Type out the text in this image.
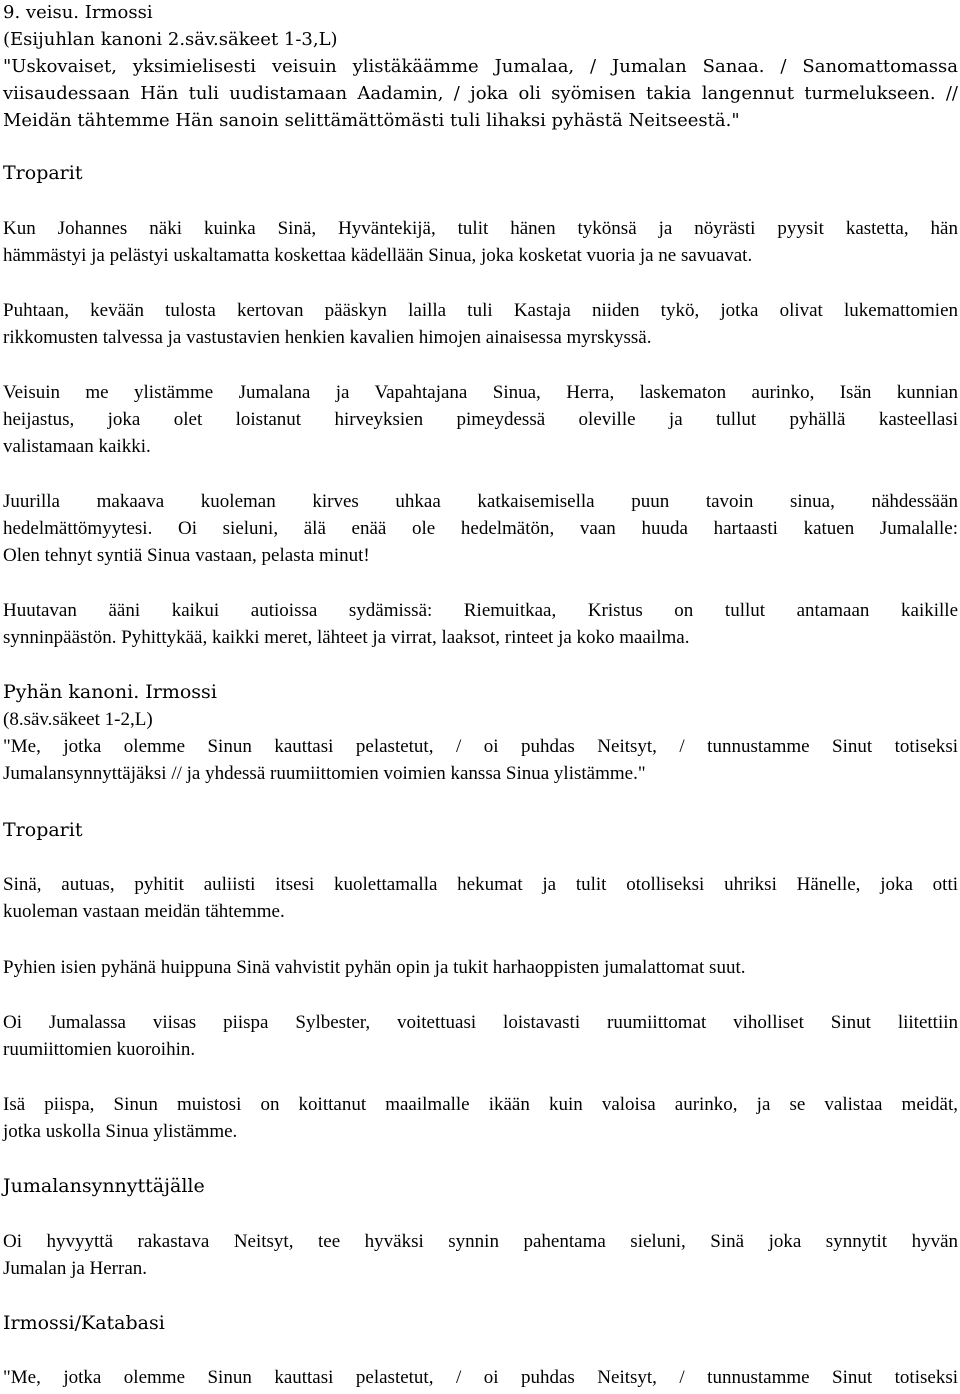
9. veisu. Irmossi
(Esijuhlan kanoni 2.säv.säkeet 1-3,L)
"Uskovaiset, yksimielisesti veisuin ylistäkäämme Jumalaa, / Jumalan Sanaa. / Sanomattomassa
viisaudessaan Hän tuli uudistamaan Aadamin, / joka oli syömisen takia langennut turmelukseen. //
Meidän tähtemme Hän sanoin selittämättömästi tuli lihaksi pyhästä Neitseestä."
Troparit
Kun Johannes näki kuinka Sinä, Hyväntekijä, tulit hänen tykönsä ja nöyrästi pyysit kastetta, hän
hämmästyi ja pelästyi uskaltamatta koskettaa kädellään Sinua, joka kosketat vuoria ja ne savuavat.
Puhtaan, kevään tulosta kertovan pääskyn lailla tuli Kastaja niiden tykö, jotka olivat lukemattomien
rikkomusten talvessa ja vastustavien henkien kavalien himojen ainaisessa myrskyssä.
Veisuin me ylistämme Jumalana ja Vapahtajana Sinua, Herra, laskematon aurinko, Isän kunnian
heijastus, joka olet loistanut hirveyksien pimeydessä oleville ja tullut pyhällä kasteellasi
valistamaan kaikki.
Juurilla makaava kuoleman kirves uhkaa katkaisemisella puun tavoin sinua, nähdessään
hedelmättömyytesi. Oi sieluni, älä enää ole hedelmätön, vaan huuda hartaasti katuen Jumalalle:
Olen tehnyt syntiä Sinua vastaan, pelasta minut!
Huutavan ääni kaikui autioissa sydämissä: Riemuitkaa, Kristus on tullut antamaan kaikille
synninpäästön. Pyhittykää, kaikki meret, lähteet ja virrat, laaksot, rinteet ja koko maailma.
Pyhän kanoni. Irmossi
(8.säv.säkeet 1-2,L)
"Me, jotka olemme Sinun kauttasi pelastetut, / oi puhdas Neitsyt, / tunnustamme Sinut totiseksi
Jumalansynnyttäjäksi // ja yhdessä ruumiittomien voimien kanssa Sinua ylistämme."
Troparit
Sinä, autuas, pyhitit auliisti itsesi kuolettamalla hekumat ja tulit otolliseksi uhriksi Hänelle, joka otti
kuoleman vastaan meidän tähtemme.
Pyhien isien pyhänä huippuna Sinä vahvistit pyhän opin ja tukit harhaoppisten jumalattomat suut.
Oi Jumalassa viisas piispa Sylbester, voitettuasi loistavasti ruumiittomat viholliset Sinut liitettiin
ruumiittomien kuoroihin.
Isä piispa, Sinun muistosi on koittanut maailmalle ikään kuin valoisa aurinko, ja se valistaa meidät,
jotka uskolla Sinua ylistämme.
Jumalansynnyttäjälle
Oi hyvyyttä rakastava Neitsyt, tee hyväksi synnin pahentama sieluni, Sinä joka synnytit hyvän
Jumalan ja Herran.
Irmossi/Katabasi
"Me, jotka olemme Sinun kauttasi pelastetut, / oi puhdas Neitsyt, / tunnustamme Sinut totiseksi
